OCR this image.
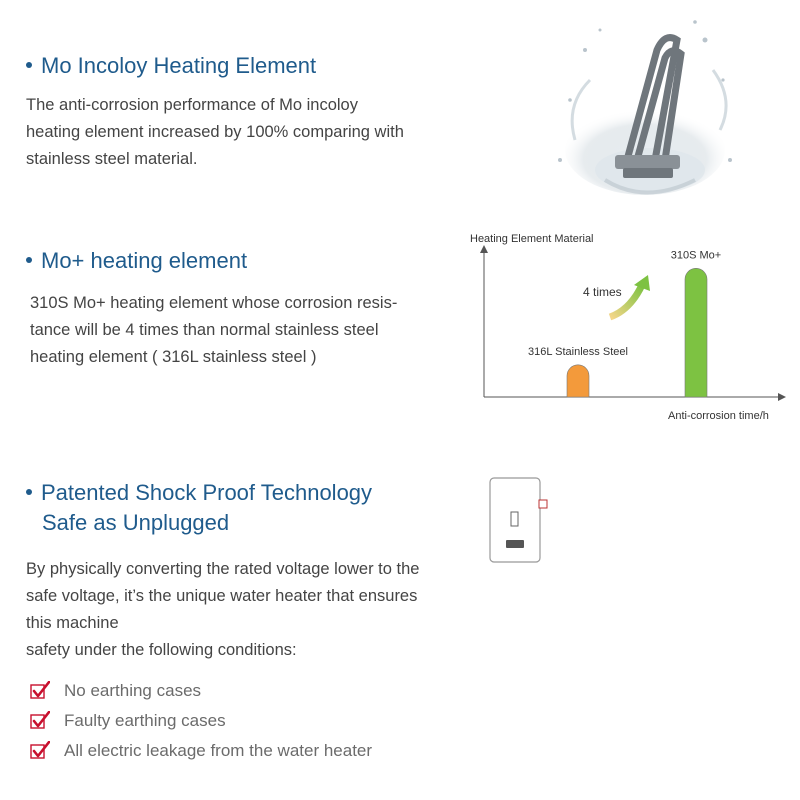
Mo Incoloy Heating Element
The anti-corrosion performance of Mo incoloy
heating element increased by 100% comparing with
stainless steel material.
Mo+ heating element
310S Mo+ heating element whose corrosion resis-
tance will be 4 times than normal stainless steel
heating element ( 316L stainless steel )
Heating Element Material
316L Stainless Steel
310S Mo+
4 times
Anti-corrosion time/h
Patented Shock Proof Technology
Safe as Unplugged
By physically converting the rated voltage lower to the
safe voltage, it’s the unique water heater that ensures
this machine
safety under the following conditions:
No earthing cases
Faulty earthing cases
All electric leakage from the water heater
